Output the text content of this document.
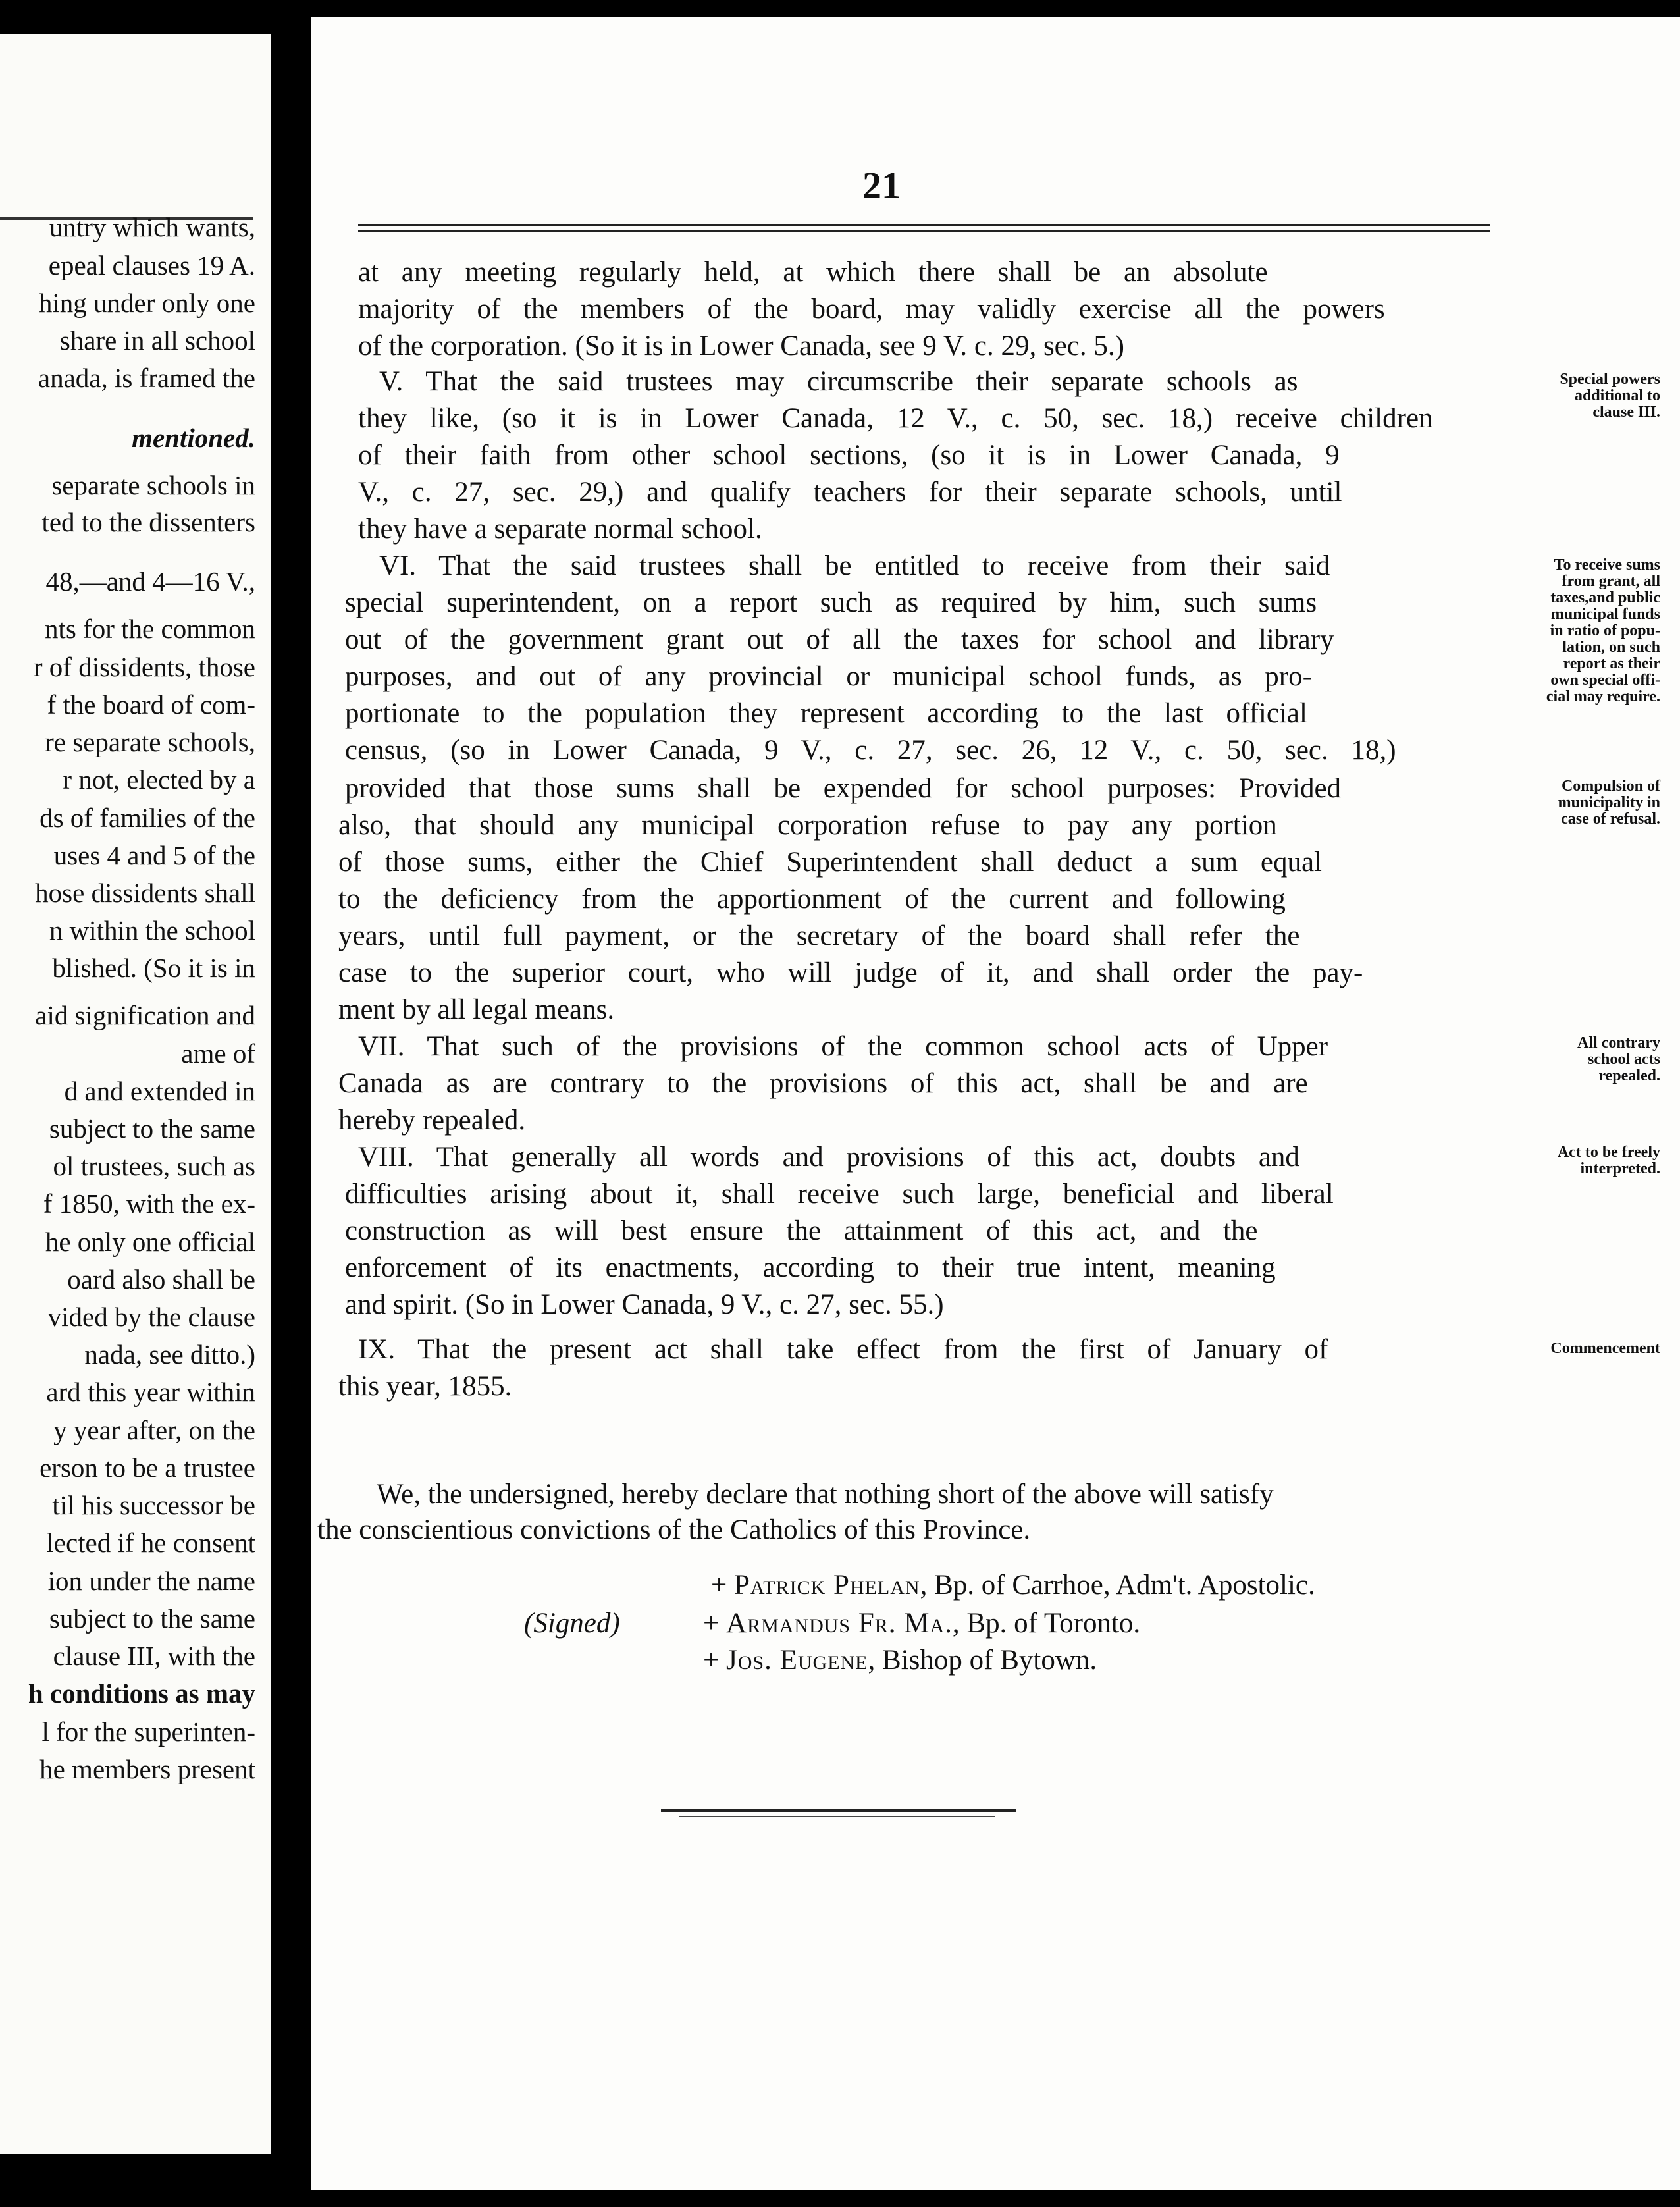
untry which wants,
epeal clauses 19 A.
hing under only one
share in all school
anada, is framed the
mentioned.
separate schools in
ted to the dissenters
48,—and 4—16 V.,
nts for the common
r of dissidents, those
f the board of com-
re separate schools,
r not, elected by a
ds of families of the
uses 4 and 5 of the
hose dissidents shall
n within the school
blished. (So it is in
aid signification and
ame of
d and extended in
subject to the same
ol trustees, such as
f 1850, with the ex-
he only one official
oard also shall be
vided by the clause
nada, see ditto.)
ard this year within
y year after, on the
erson to be a trustee
til his successor be
lected if he consent
ion under the name
subject to the same
clause III, with the
h conditions as may
l for the superinten-
he members present
21
at any meeting regularly held, at which there shall be an absolute
majority of the members of the board, may validly exercise all the powers
of the corporation. (So it is in Lower Canada, see 9 V. c. 29, sec. 5.)
V. That the said trustees may circumscribe their separate schools as
they like, (so it is in Lower Canada, 12 V., c. 50, sec. 18,) receive children
of their faith from other school sections, (so it is in Lower Canada, 9
V., c. 27, sec. 29,) and qualify teachers for their separate schools, until
they have a separate normal school.
VI. That the said trustees shall be entitled to receive from their said
special superintendent, on a report such as required by him, such sums
out of the government grant out of all the taxes for school and library
purposes, and out of any provincial or municipal school funds, as pro-
portionate to the population they represent according to the last official
census, (so in Lower Canada, 9 V., c. 27, sec. 26, 12 V., c. 50, sec. 18,)
provided that those sums shall be expended for school purposes: Provided
also, that should any municipal corporation refuse to pay any portion
of those sums, either the Chief Superintendent shall deduct a sum equal
to the deficiency from the apportionment of the current and following
years, until full payment, or the secretary of the board shall refer the
case to the superior court, who will judge of it, and shall order the pay-
ment by all legal means.
VII. That such of the provisions of the common school acts of Upper
Canada as are contrary to the provisions of this act, shall be and are
hereby repealed.
VIII. That generally all words and provisions of this act, doubts and
difficulties arising about it, shall receive such large, beneficial and liberal
construction as will best ensure the attainment of this act, and the
enforcement of its enactments, according to their true intent, meaning
and spirit. (So in Lower Canada, 9 V., c. 27, sec. 55.)
IX. That the present act shall take effect from the first of January of
this year, 1855.
Special powers
additional to
clause III.
To receive sums
from grant, all
taxes,and public
municipal funds
in ratio of popu-
lation, on such
report as their
own special offi-
cial may require.
Compulsion of
municipality in
case of refusal.
All contrary
school acts
repealed.
Act to be freely
interpreted.
Commencement
We, the undersigned, hereby declare that nothing short of the above will satisfy
the conscientious convictions of the Catholics of this Province.
(Signed)
+ Patrick Phelan, Bp. of Carrhoe, Adm't. Apostolic.
+ Armandus Fr. Ma., Bp. of Toronto.
+ Jos. Eugene, Bishop of Bytown.
